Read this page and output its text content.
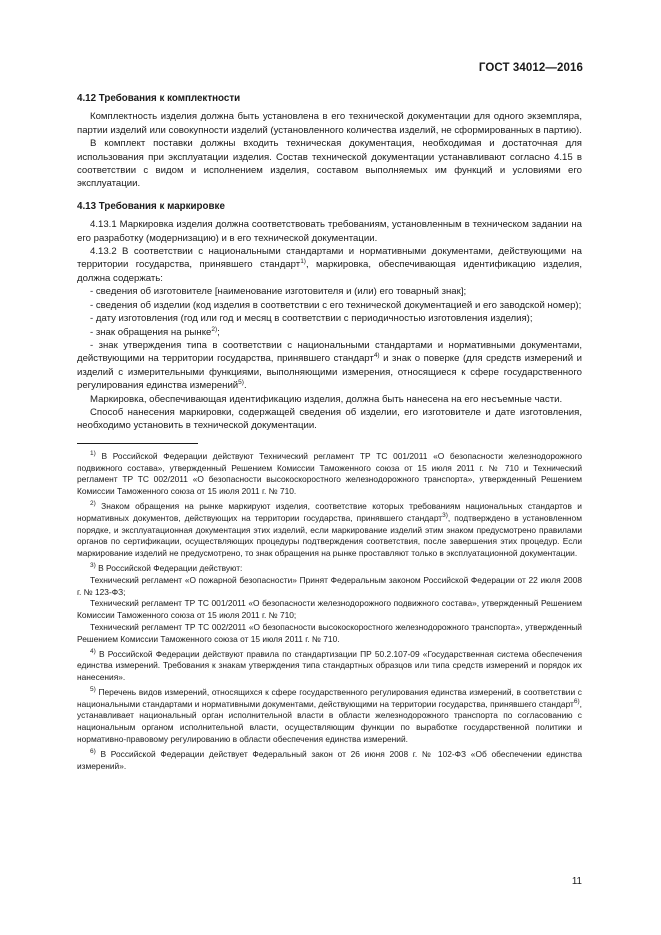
ГОСТ 34012—2016
4.12 Требования к комплектности

Комплектность изделия должна быть установлена в его технической документации для одного экземпляра, партии изделий или совокупности изделий (установленного количества изделий, не сформированных в партию).

В комплект поставки должны входить техническая документация, необходимая и достаточная для использования при эксплуатации изделия. Состав технической документации устанавливают согласно 4.15 в соответствии с видом и исполнением изделия, составом выполняемых им функций и условиями его эксплуатации.

4.13 Требования к маркировке

4.13.1 Маркировка изделия должна соответствовать требованиям, установленным в техническом задании на его разработку (модернизацию) и в его технической документации.

4.13.2 В соответствии с национальными стандартами и нормативными документами, действующими на территории государства, принявшего стандарт$^{1)}$, маркировка, обеспечивающая идентификацию изделия, должна содержать:

- сведения об изготовителе [наименование изготовителя и (или) его товарный знак];

- сведения об изделии (код изделия в соответствии с его технической документацией и его заводской номер);

- дату изготовления (год или год и месяц в соответствии с периодичностью изготовления изделия);

- знак обращения на рынке$^{2)}$;

- знак утверждения типа в соответствии с национальными стандартами и нормативными документами, действующими на территории государства, принявшего стандарт$^{4)}$ и знак о поверке (для средств измерений и изделий с измерительными функциями, выполняющими измерения, относящиеся к сфере государственного регулирования единства измерений$^{5)}$.

Маркировка, обеспечивающая идентификацию изделия, должна быть нанесена на его несъемные части.

Способ нанесения маркировки, содержащей сведения об изделии, его изготовителе и дате изготовления, необходимо установить в технической документации.

$^{1)}$ В Российской Федерации действуют Технический регламент ТР ТС 001/2011 «О безопасности железнодорожного подвижного состава», утвержденный Решением Комиссии Таможенного союза от 15 июля 2011 г. № 710 и Технический регламент ТР ТС 002/2011 «О безопасности высокоскоростного железнодорожного транспорта», утвержденный Решением Комиссии Таможенного союза от 15 июля 2011 г. № 710.

$^{2)}$ Знаком обращения на рынке маркируют изделия, соответствие которых требованиям национальных стандартов и нормативных документов, действующих на территории государства, принявшего стандарт$^{3)}$, подтверждено в установленном порядке, и эксплуатационная документация этих изделий, если маркирование изделий этим знаком предусмотрено правилами органов по сертификации, осуществляющих процедуры подтверждения соответствия, после завершения этих процедур. Если маркирование изделий не предусмотрено, то знак обращения на рынке проставляют только в эксплуатационной документации.

$^{3)}$ В Российской Федерации действуют:

Технический регламент «О пожарной безопасности» Принят Федеральным законом Российской Федерации от 22 июля 2008 г. № 123-ФЗ;

Технический регламент ТР ТС 001/2011 «О безопасности железнодорожного подвижного состава», утвержденный Решением Комиссии Таможенного союза от 15 июля 2011 г. № 710;

Технический регламент ТР ТС 002/2011 «О безопасности высокоскоростного железнодорожного транспорта», утвержденный Решением Комиссии Таможенного союза от 15 июля 2011 г. № 710.

$^{4)}$ В Российской Федерации действуют правила по стандартизации ПР 50.2.107-09 «Государственная система обеспечения единства измерений. Требования к знакам утверждения типа стандартных образцов или типа средств измерений и порядок их нанесения».

$^{5)}$ Перечень видов измерений, относящихся к сфере государственного регулирования единства измерений, в соответствии с национальными стандартами и нормативными документами, действующими на территории государства, принявшего стандарт$^{6)}$, устанавливает национальный орган исполнительной власти в области железнодорожного транспорта по согласованию с национальным органом исполнительной власти, осуществляющим функции по выработке государственной политики и нормативно-правовому регулированию в области обеспечения единства измерений.

$^{6)}$ В Российской Федерации действует Федеральный закон от 26 июня 2008 г. № 102-ФЗ «Об обеспечении единства измерений».

11
